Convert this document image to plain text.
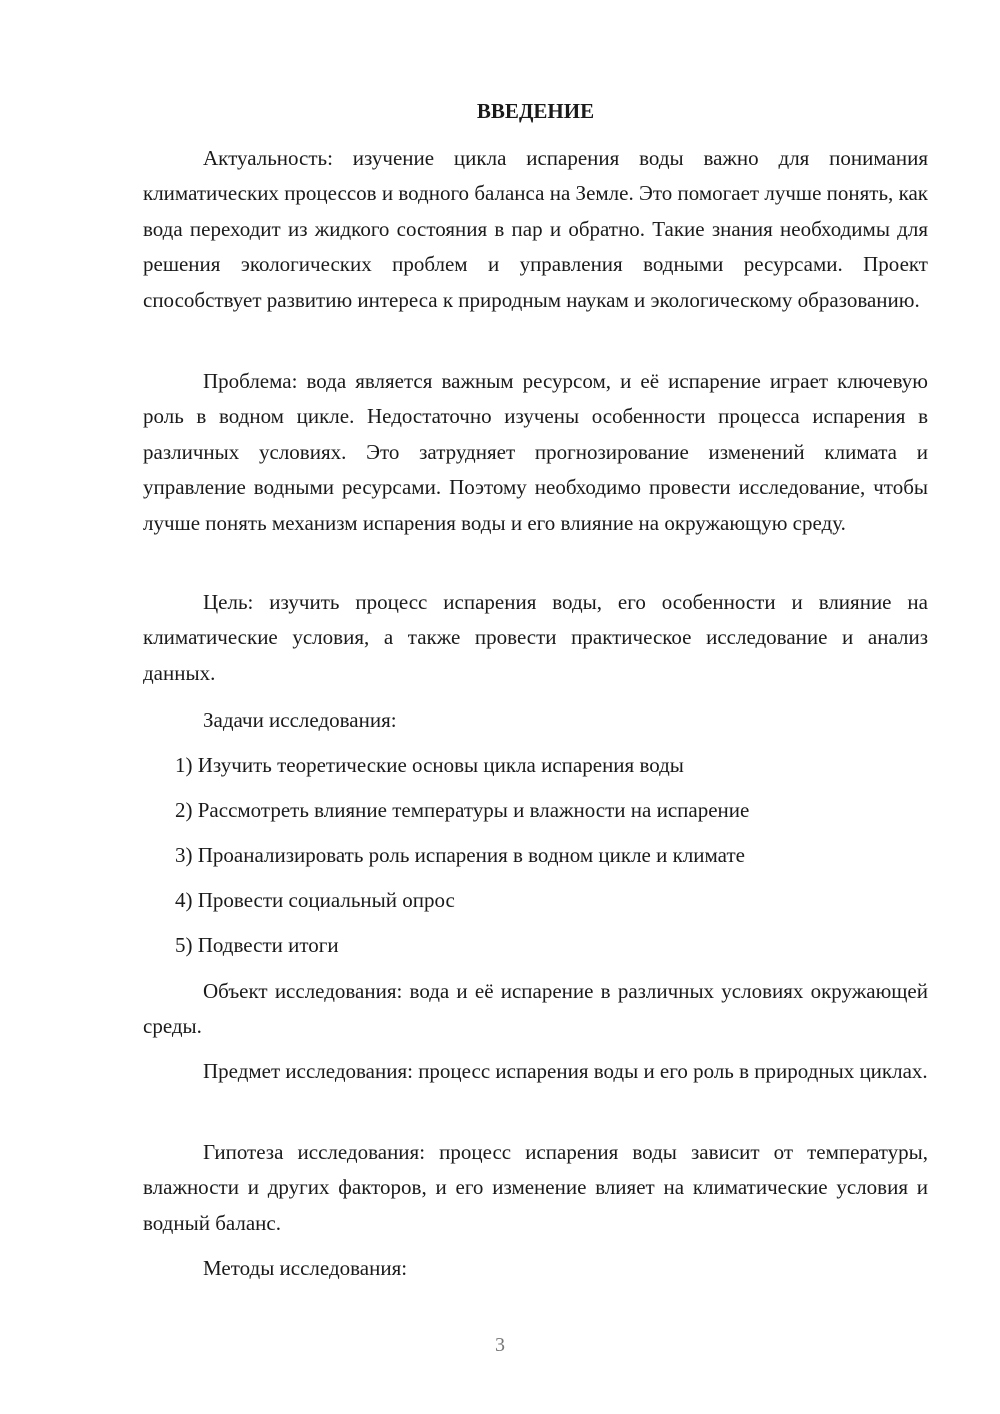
ВВЕДЕНИЕ

Актуальность: изучение цикла испарения воды важно для понимания климатических процессов и водного баланса на Земле. Это помогает лучше понять, как вода переходит из жидкого состояния в пар и обратно. Такие знания необходимы для решения экологических проблем и управления водными ресурсами. Проект способствует развитию интереса к природным наукам и экологическому образованию.

Проблема: вода является важным ресурсом, и её испарение играет ключевую роль в водном цикле. Недостаточно изучены особенности процесса испарения в различных условиях. Это затрудняет прогнозирование изменений климата и управление водными ресурсами. Поэтому необходимо провести исследование, чтобы лучше понять механизм испарения воды и его влияние на окружающую среду.

Цель: изучить процесс испарения воды, его особенности и влияние на климатические условия, а также провести практическое исследование и анализ данных.

Задачи исследования:

1) Изучить теоретические основы цикла испарения воды

2) Рассмотреть влияние температуры и влажности на испарение

3) Проанализировать роль испарения в водном цикле и климате

4) Провести социальный опрос

5) Подвести итоги

Объект исследования: вода и её испарение в различных условиях окружающей среды.

Предмет исследования: процесс испарения воды и его роль в природных циклах.

Гипотеза исследования: процесс испарения воды зависит от температуры, влажности и других факторов, и его изменение влияет на климатические условия и водный баланс.

Методы исследования:

3
